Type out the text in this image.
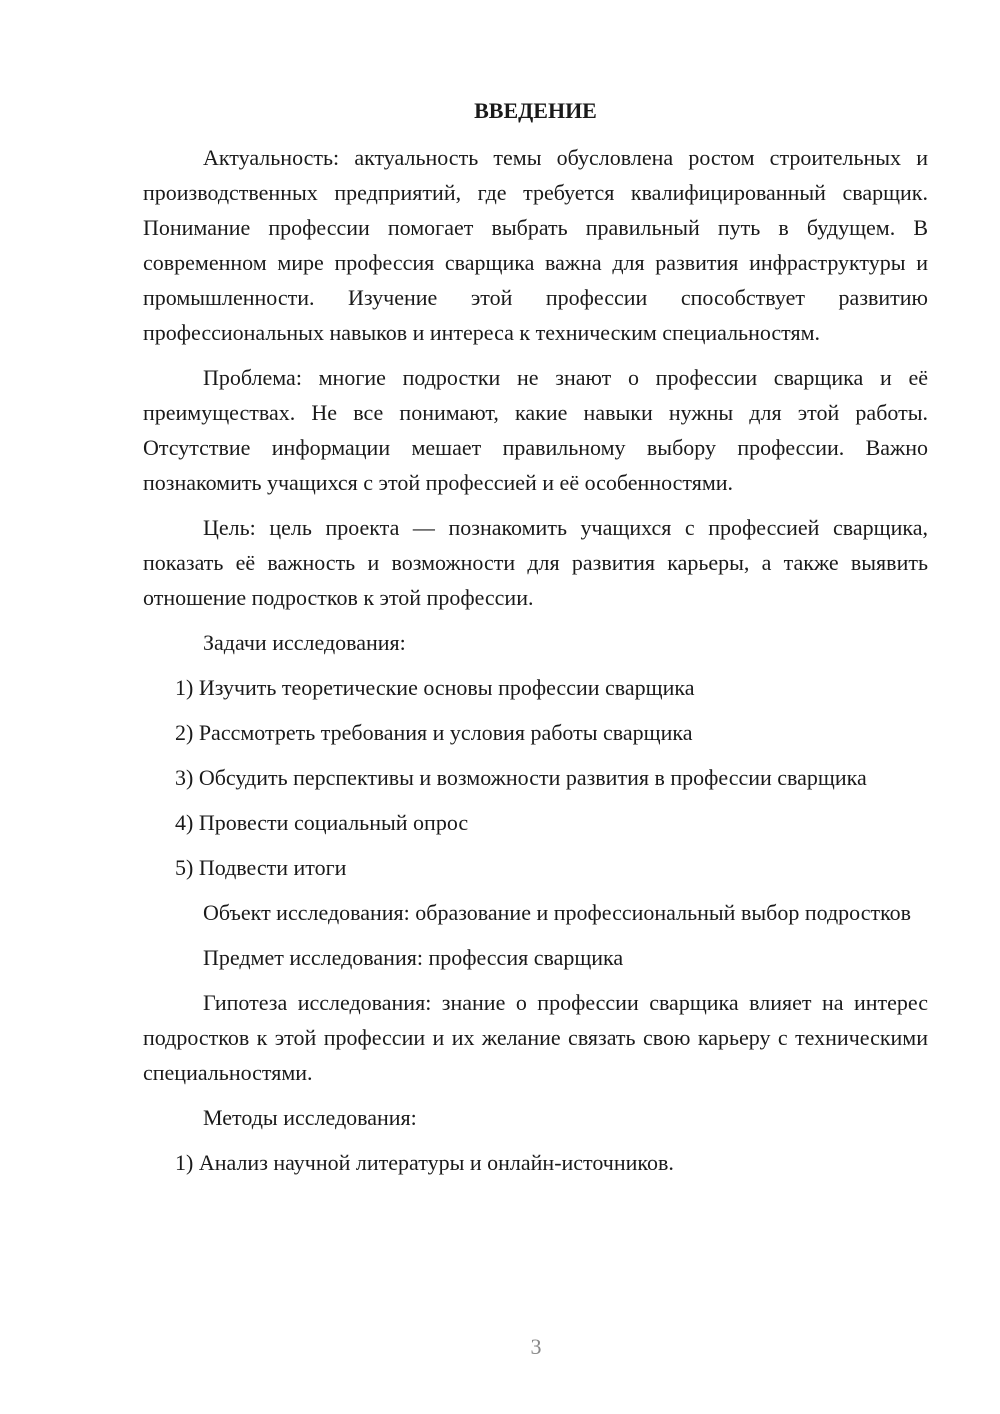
ВВЕДЕНИЕ

Актуальность: актуальность темы обусловлена ростом строительных и производственных предприятий, где требуется квалифицированный сварщик. Понимание профессии помогает выбрать правильный путь в будущем. В современном мире профессия сварщика важна для развития инфраструктуры и промышленности. Изучение этой профессии способствует развитию профессиональных навыков и интереса к техническим специальностям.

Проблема: многие подростки не знают о профессии сварщика и её преимуществах. Не все понимают, какие навыки нужны для этой работы. Отсутствие информации мешает правильному выбору профессии. Важно познакомить учащихся с этой профессией и её особенностями.

Цель: цель проекта — познакомить учащихся с профессией сварщика, показать её важность и возможности для развития карьеры, а также выявить отношение подростков к этой профессии.

Задачи исследования:

1) Изучить теоретические основы профессии сварщика

2) Рассмотреть требования и условия работы сварщика

3) Обсудить перспективы и возможности развития в профессии сварщика

4) Провести социальный опрос

5) Подвести итоги

Объект исследования: образование и профессиональный выбор подростков

Предмет исследования: профессия сварщика

Гипотеза исследования: знание о профессии сварщика влияет на интерес подростков к этой профессии и их желание связать свою карьеру с техническими специальностями.

Методы исследования:

1) Анализ научной литературы и онлайн-источников.

3
